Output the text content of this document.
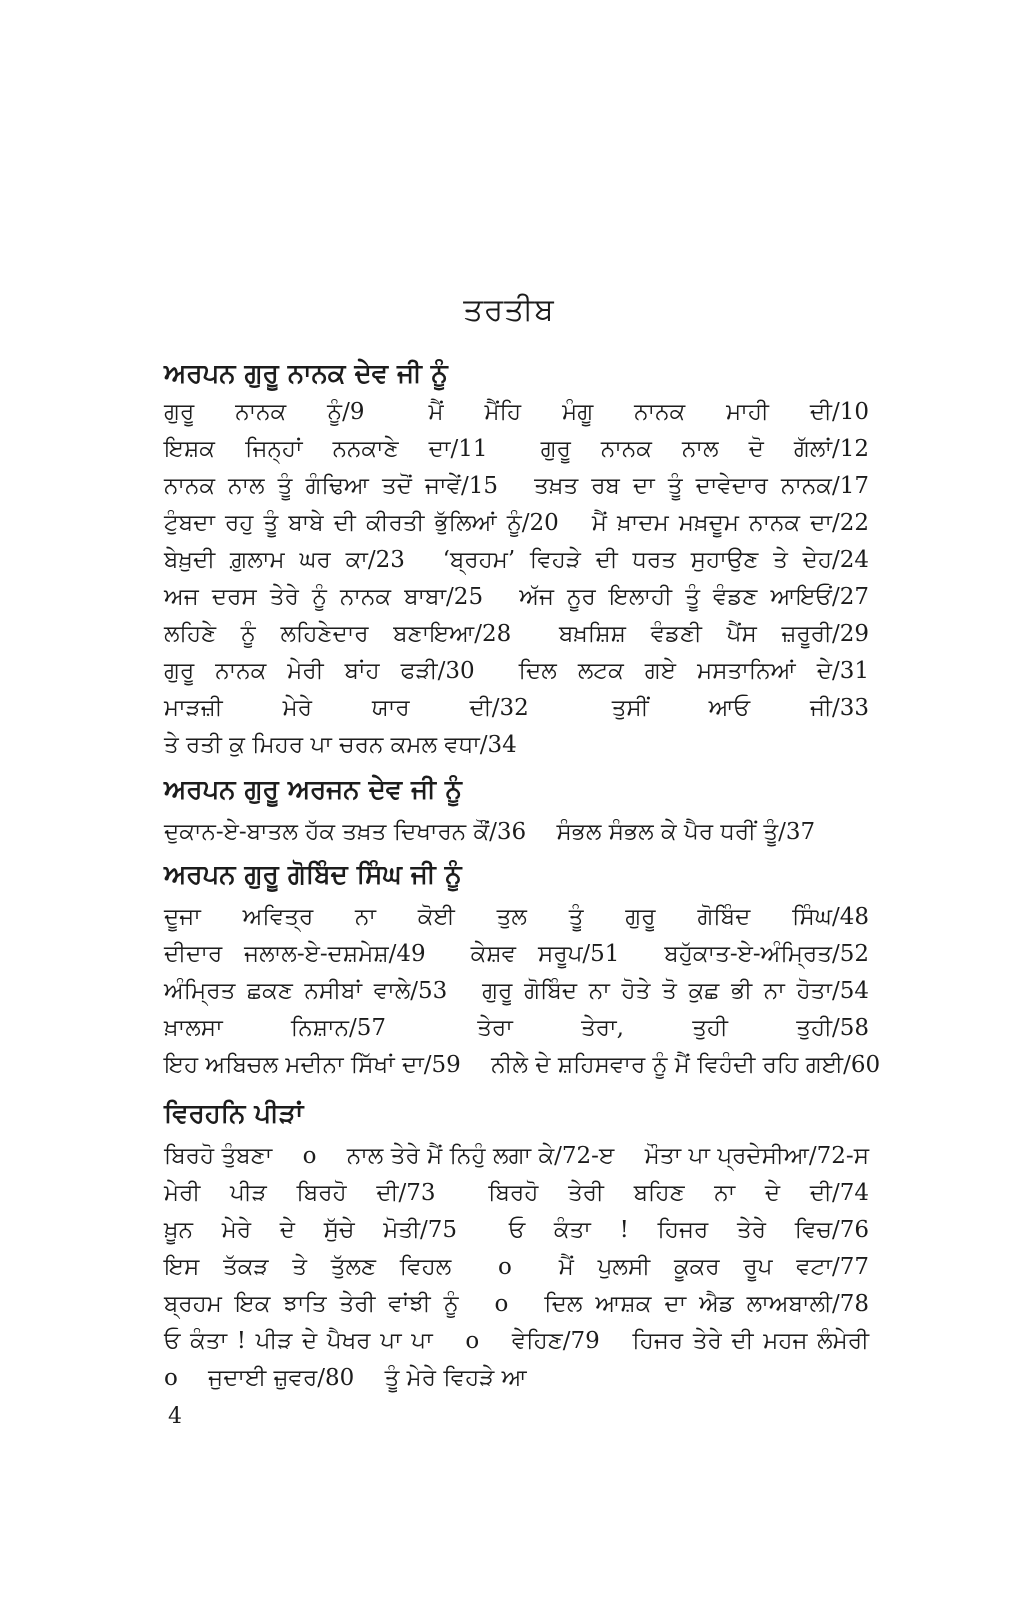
ਤਰਤੀਬ
ਅਰਪਨ ਗੁਰੂ ਨਾਨਕ ਦੇਵ ਜੀ ਨੂੰ

ਗੁਰੂ ਨਾਨਕ ਨੂੰ/9 	ਮੈਂ ਮੈਂਹਿ ਮੰਗੂ ਨਾਨਕ ਮਾਹੀ ਦੀ/10  ਇਸ਼ਕ ਜਿਨ੍ਹਾਂ ਨਨਕਾਣੇ ਦਾ/11  ਗੁਰੂ ਨਾਨਕ ਨਾਲ ਦੋ ਗੱਲਾਂ/12  ਨਾਨਕ ਨਾਲ ਤੂੰ ਗੰਢਿਆ ਤਦੋਂ ਜਾਵੇਂ/15  ਤਖ਼ਤ ਰਬ ਦਾ ਤੂੰ ਦਾਵੇਦਾਰ ਨਾਨਕ/17  ਟੁੰਬਦਾ ਰਹੁ ਤੂੰ ਬਾਬੇ ਦੀ ਕੀਰਤੀ ਭੁੱਲਿਆਂ ਨੂੰ/20  ਮੈਂ ਖ਼ਾਦਮ ਮਖ਼ਦੂਮ ਨਾਨਕ ਦਾ/22  ਬੇਖ਼ੁਦੀ ਗ਼ੁਲਾਮ ਘਰ ਕਾ/23  ‘ਬ੍ਰਹਮ’ ਵਿਹੜੇ ਦੀ ਧਰਤ ਸੁਹਾਉਣ ਤੇ ਦੇਹ/24  ਅਜ ਦਰਸ ਤੇਰੇ ਨੂੰ ਨਾਨਕ ਬਾਬਾ/25  ਅੱਜ ਨੂਰ ਇਲਾਹੀ ਤੂੰ ਵੰਡਣ ਆਇਓਂ/27  ਲਹਿਣੇ ਨੂੰ ਲਹਿਣੇਦਾਰ ਬਣਾਇਆ/28  ਬਖ਼ਸ਼ਿਸ਼ ਵੰਡਣੀ ਪੈਂਸ ਜ਼ਰੂਰੀ/29  ਗੁਰੂ ਨਾਨਕ ਮੇਰੀ ਬਾਂਹ ਫੜੀ/30  ਦਿਲ ਲਟਕ ਗਏ ਮਸਤਾਨਿਆਂ ਦੇ/31  ਮਾੜਜ਼ੀ ਮੇਰੇ ਯਾਰ ਦੀ/32 	ਤੁਸੀਂ ਆਓ ਜੀ/33  ਤੇ ਰਤੀ ਕੁ ਮਿਹਰ ਪਾ ਚਰਨ ਕਮਲ ਵਧਾ/34

ਅਰਪਨ ਗੁਰੂ ਅਰਜਨ ਦੇਵ ਜੀ ਨੂੰ

ਦੁਕਾਨ-ਏ-ਬਾਤਲ ਹੱਕ ਤਖ਼ਤ ਦਿਖਾਰਨ ਕੌਂ/36  ਸੰਭਲ ਸੰਭਲ ਕੇ ਪੈਰ ਧਰੀਂ ਤੂੰ/37

ਅਰਪਨ ਗੁਰੂ ਗੋਬਿੰਦ ਸਿੰਘ ਜੀ ਨੂੰ

ਦੂਜਾ ਅਵਿਤ੍ਰ ਨਾ ਕੋਈ ਤੁਲ ਤੂੰ ਗੁਰੂ ਗੋਬਿੰਦ ਸਿੰਘ/48  ਦੀਦਾਰ ਜਲਾਲ-ਏ-ਦਸ਼ਮੇਸ਼/49  ਕੇਸ਼ਵ ਸਰੂਪ/51  ਬਹੁੱਕਾਤ-ਏ-ਅੰਮ੍ਰਿਤ/52  ਅੰਮ੍ਰਿਤ ਛਕਣ ਨਸੀਬਾਂ ਵਾਲੇ/53  ਗੁਰੂ ਗੋਬਿੰਦ ਨਾ ਹੋਤੇ ਤੋ ਕੁਛ ਭੀ ਨਾ ਹੋਤਾ/54  ਖ਼ਾਲਸਾ ਨਿਸ਼ਾਨ/57 	ਤੇਰਾ ਤੇਰਾ, ਤੁਹੀ ਤੁਹੀ/58  ਇਹ ਅਬਿਚਲ ਮਦੀਨਾ ਸਿੱਖਾਂ ਦਾ/59  ਨੀਲੇ ਦੇ ਸ਼ਹਿਸਵਾਰ ਨੂੰ ਮੈਂ ਵਿਹੰਦੀ ਰਹਿ ਗਈ/60

ਵਿਰਹਨਿ ਪੀੜਾਂ

ਬਿਰਹੋ ਤੁੰਬਣਾ  o  ਨਾਲ ਤੇਰੇ ਮੈਂ ਨਿਹੁੰ ਲਗਾ ਕੇ/72-ੲ  ਮੌਤਾ ਪਾ ਪ੍ਰਦੇਸੀਆ/72-ਸ  ਮੇਰੀ ਪੀੜ ਬਿਰਹੋ ਦੀ/73  ਬਿਰਹੋ ਤੇਰੀ ਬਹਿਣ ਨਾ ਦੇ ਦੀ/74  ਖ਼ੂਨ ਮੇਰੇ ਦੇ ਸੁੱਚੇ ਮੋਤੀ/75  ਓ ਕੰਤਾ ! ਹਿਜਰ ਤੇਰੇ ਵਿਚ/76  ਇਸ ਤੱਕੜ ਤੇ ਤੁੱਲਣ ਵਿਹਲ  o  ਮੈਂ ਪੁਲਸੀ ਕੂਕਰ ਰੂਪ ਵਟਾ/77  ਬ੍ਰਹਮ ਇਕ ਝਾਤਿ ਤੇਰੀ ਵਾਂਝੀ ਨੂੰ  o  ਦਿਲ ਆਸ਼ਕ ਦਾ ਐਡ ਲਾਅਬਾਲੀ/78  ਓ ਕੰਤਾ ! ਪੀੜ ਦੇ ਪੈਖਰ ਪਾ ਪਾ  o  ਵੇਹਿਣ/79  ਹਿਜਰ ਤੇਰੇ ਦੀ ਮਹਜ ਲੰਮੇਰੀ  o  ਜੁਦਾਈ ਜ਼ੁਵਰ/80  ਤੂੰ ਮੇਰੇ ਵਿਹੜੇ ਆ

4
